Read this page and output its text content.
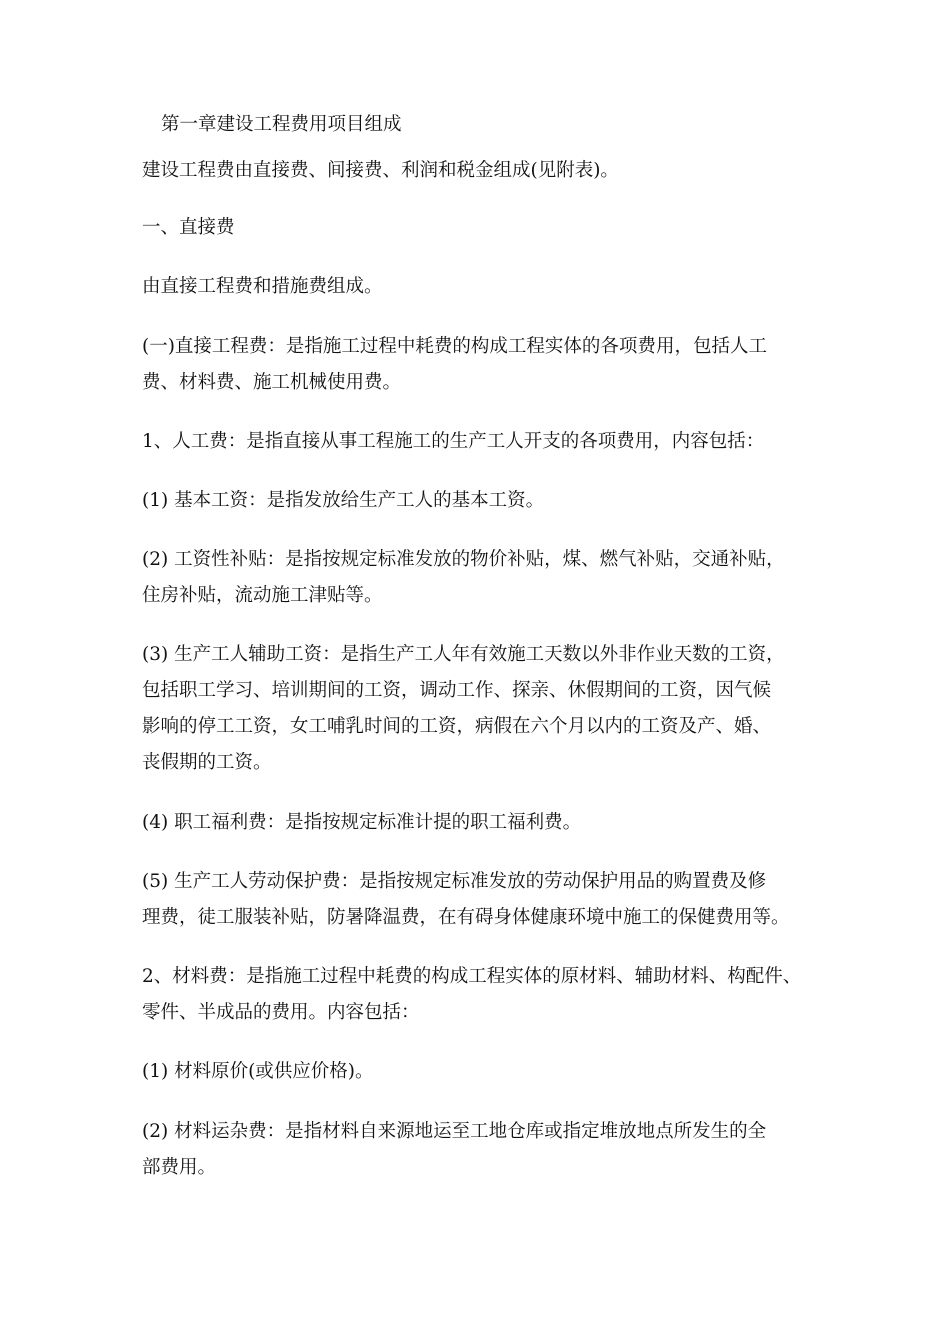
第一章建设工程费用项目组成
建设工程费由直接费、间接费、利润和税金组成(见附表)。
一、直接费
由直接工程费和措施费组成。
(一)直接工程费：是指施工过程中耗费的构成工程实体的各项费用，包括人工
费、材料费、施工机械使用费。
1、人工费：是指直接从事工程施工的生产工人开支的各项费用，内容包括：
(1) 基本工资：是指发放给生产工人的基本工资。
(2) 工资性补贴：是指按规定标准发放的物价补贴，煤、燃气补贴，交通补贴，
住房补贴，流动施工津贴等。
(3) 生产工人辅助工资：是指生产工人年有效施工天数以外非作业天数的工资，
包括职工学习、培训期间的工资，调动工作、探亲、休假期间的工资，因气候
影响的停工工资，女工哺乳时间的工资，病假在六个月以内的工资及产、婚、
丧假期的工资。
(4) 职工福利费：是指按规定标准计提的职工福利费。
(5) 生产工人劳动保护费：是指按规定标准发放的劳动保护用品的购置费及修
理费，徒工服装补贴，防暑降温费，在有碍身体健康环境中施工的保健费用等。
2、材料费：是指施工过程中耗费的构成工程实体的原材料、辅助材料、构配件、
零件、半成品的费用。内容包括：
(1) 材料原价(或供应价格)。
(2) 材料运杂费：是指材料自来源地运至工地仓库或指定堆放地点所发生的全
部费用。
